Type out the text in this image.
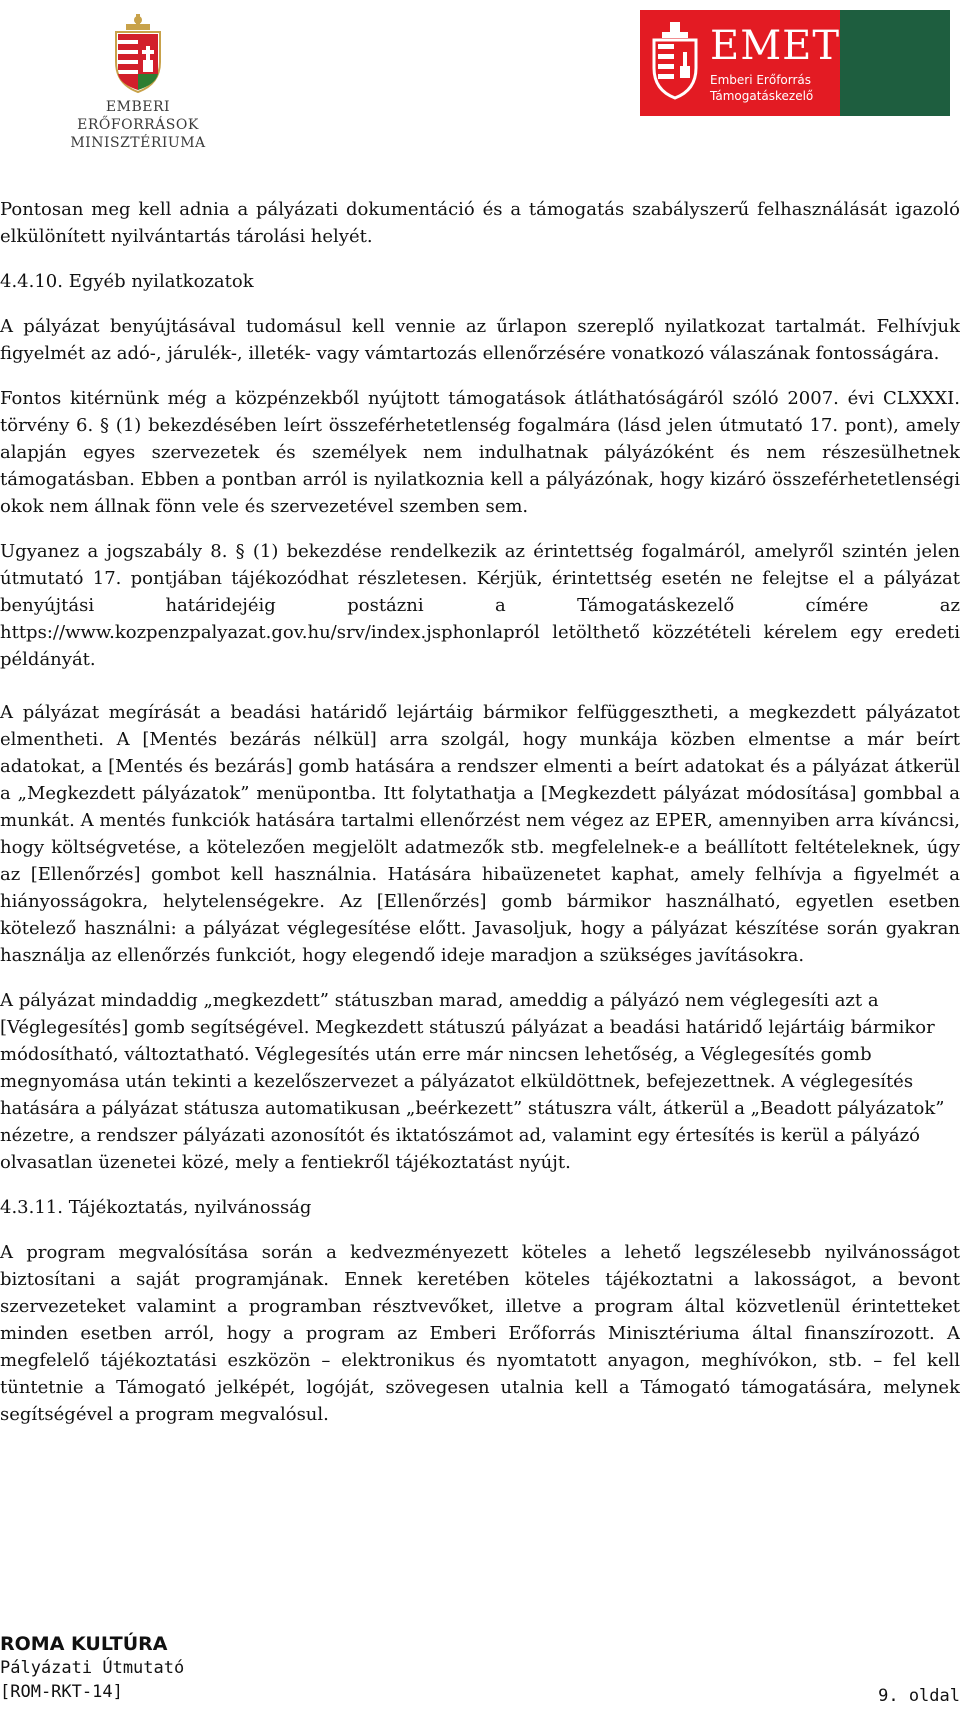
EMBERI ERŐFORRÁSOK
MINISZTÉRIUMA
EMET
Emberi Erőforrás
Támogatáskezelő

Pontosan meg kell adnia a pályázati dokumentáció és a támogatás szabályszerű felhasználását igazoló elkülönített nyilvántartás tárolási helyét.

4.4.10. Egyéb nyilatkozatok

A pályázat benyújtásával tudomásul kell vennie az űrlapon szereplő nyilatkozat tartalmát. Felhívjuk figyelmét az adó-, járulék-, illeték- vagy vámtartozás ellenőrzésére vonatkozó válaszának fontosságára.

Fontos kitérnünk még a közpénzekből nyújtott támogatások átláthatóságáról szóló 2007. évi CLXXXI. törvény 6. § (1) bekezdésében leírt összeférhetetlenség fogalmára (lásd jelen útmutató 17. pont), amely alapján egyes szervezetek és személyek nem indulhatnak pályázóként és nem részesülhetnek támogatásban. Ebben a pontban arról is nyilatkoznia kell a pályázónak, hogy kizáró összeférhetetlenségi okok nem állnak fönn vele és szervezetével szemben sem.

Ugyanez a jogszabály 8. § (1) bekezdése rendelkezik az érintettség fogalmáról, amelyről szintén jelen útmutató 17. pontjában tájékozódhat részletesen. Kérjük, érintettség esetén ne felejtse el a pályázat benyújtási határidejéig postázni a Támogatáskezelő címére az https://www.kozpenzpalyazat.gov.hu/srv/index.jsphonlapról letölthető közzétételi kérelem egy eredeti példányát.

A pályázat megírását a beadási határidő lejártáig bármikor felfüggesztheti, a megkezdett pályázatot elmentheti. A [Mentés bezárás nélkül] arra szolgál, hogy munkája közben elmentse a már beírt adatokat, a [Mentés és bezárás] gomb hatására a rendszer elmenti a beírt adatokat és a pályázat átkerül a „Megkezdett pályázatok” menüpontba. Itt folytathatja a [Megkezdett pályázat módosítása] gombbal a munkát. A mentés funkciók hatására tartalmi ellenőrzést nem végez az EPER, amennyiben arra kíváncsi, hogy költségvetése, a kötelezően megjelölt adatmezők stb. megfelelnek-e a beállított feltételeknek, úgy az [Ellenőrzés] gombot kell használnia. Hatására hibaüzenetet kaphat, amely felhívja a figyelmét a hiányosságokra, helytelenségekre. Az [Ellenőrzés] gomb bármikor használható, egyetlen esetben kötelező használni: a pályázat véglegesítése előtt. Javasoljuk, hogy a pályázat készítése során gyakran használja az ellenőrzés funkciót, hogy elegendő ideje maradjon a szükséges javításokra.

A pályázat mindaddig „megkezdett” státuszban marad, ameddig a pályázó nem véglegesíti azt a [Véglegesítés] gomb segítségével. Megkezdett státuszú pályázat a beadási határidő lejártáig bármikor módosítható, változtatható. Véglegesítés után erre már nincsen lehetőség, a Véglegesítés gomb megnyomása után tekinti a kezelőszervezet a pályázatot elküldöttnek, befejezettnek. A véglegesítés hatására a pályázat státusza automatikusan „beérkezett” státuszra vált, átkerül a „Beadott pályázatok” nézetre, a rendszer pályázati azonosítót és iktatószámot ad, valamint egy értesítés is kerül a pályázó olvasatlan üzenetei közé, mely a fentiekről tájékoztatást nyújt.

4.3.11. Tájékoztatás, nyilvánosság

A program megvalósítása során a kedvezményezett köteles a lehető legszélesebb nyilvánosságot biztosítani a saját programjának. Ennek keretében köteles tájékoztatni a lakosságot, a bevont szervezeteket valamint a programban résztvevőket, illetve a program által közvetlenül érintetteket minden esetben arról, hogy a program az Emberi Erőforrás Minisztériuma által finanszírozott. A megfelelő tájékoztatási eszközön – elektronikus és nyomtatott anyagon, meghívókon, stb. – fel kell tüntetnie a Támogató jelképét, logóját, szövegesen utalnia kell a Támogató támogatására, melynek segítségével a program megvalósul.

ROMA KULTÚRA
Pályázati Útmutató
[ROM-RKT-14]	9. oldal
